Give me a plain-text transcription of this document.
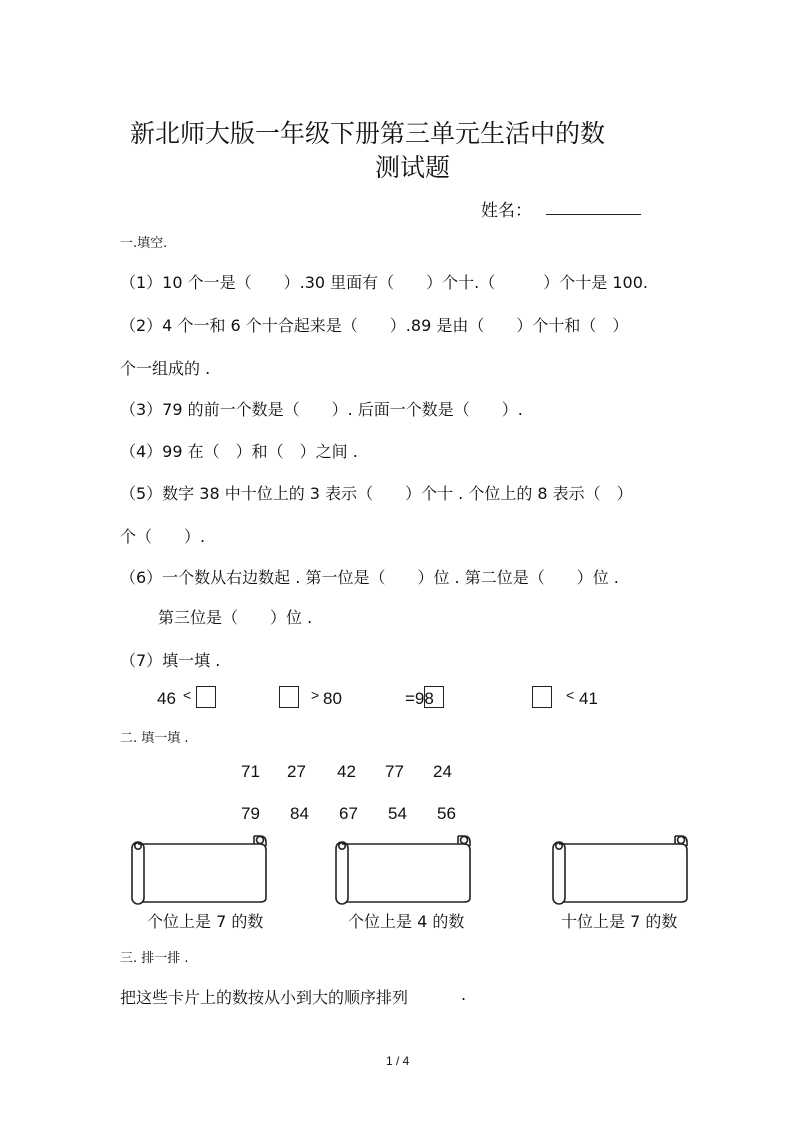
新北师大版一年级下册第三单元生活中的数
测试题
姓名：
一.填空.
（1）10 个一是（　　）.30 里面有（　　）个十.（　　　）个十是 100.
（2）4 个一和 6 个十合起来是（　　）.89 是由（　　）个十和（　）
个一组成的 .
（3）79 的前一个数是（　　）. 后面一个数是（　　）.
（4）99 在（　）和（　）之间 .
（5）数字 38 中十位上的 3 表示（　　）个十 . 个位上的 8 表示（　）
个（　　）.
（6）一个数从右边数起 . 第一位是（　　）位 . 第二位是（　　）位 .
第三位是（　　）位 .
（7）填一填 .
46 <	> 80	=98	< 41
二. 填一填 .
71 27 42 77 24
79 84 67 54 56
个位上是 7 的数	个位上是 4 的数	十位上是 7 的数
三. 排一排 .
把这些卡片上的数按从小到大的顺序排列	.
1 / 4
